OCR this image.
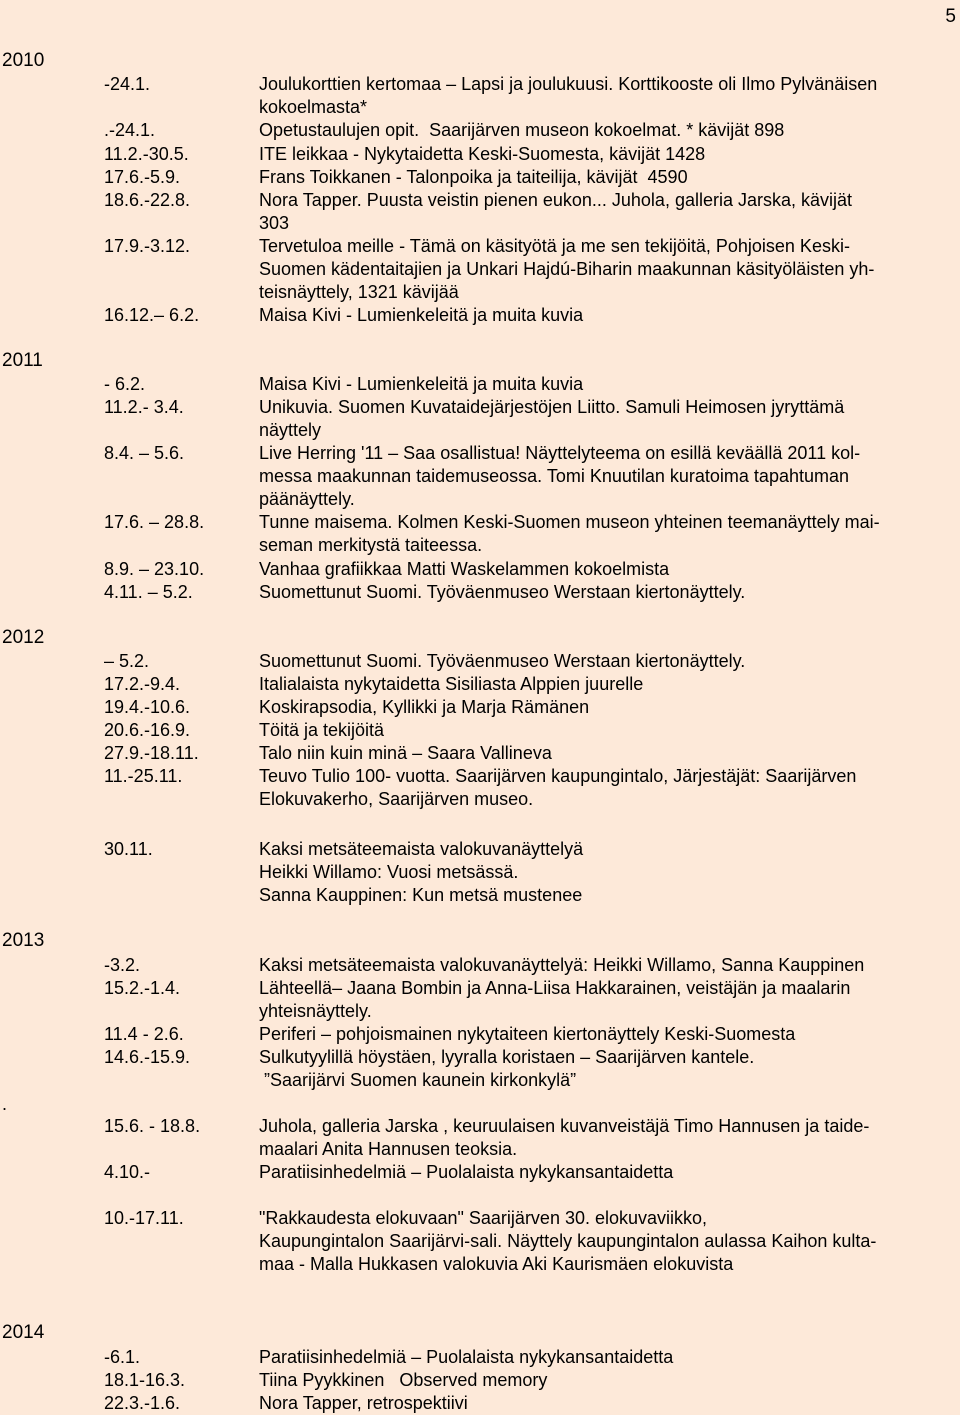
5
.
2010
-24.1.	Joulukorttien kertomaa – Lapsi ja joulukuusi. Korttikooste oli Ilmo Pylvänäisen
kokoelmasta*
.-24.1.	Opetustaulujen opit.  Saarijärven museon kokoelmat. * kävijät 898
11.2.-30.5.	ITE leikkaa - Nykytaidetta Keski-Suomesta, kävijät 1428
17.6.-5.9.	Frans Toikkanen - Talonpoika ja taiteilija, kävijät  4590
18.6.-22.8.	Nora Tapper. Puusta veistin pienen eukon... Juhola, galleria Jarska, kävijät
303
17.9.-3.12.	Tervetuloa meille - Tämä on käsityötä ja me sen tekijöitä, Pohjoisen Keski-
Suomen kädentaitajien ja Unkari Hajdú-Biharin maakunnan käsityöläisten yh-
teisnäyttely, 1321 kävijää
16.12.– 6.2.	Maisa Kivi - Lumienkeleitä ja muita kuvia
2011
- 6.2.	Maisa Kivi - Lumienkeleitä ja muita kuvia
11.2.- 3.4.	Unikuvia. Suomen Kuvataidejärjestöjen Liitto. Samuli Heimosen jyryttämä
näyttely
8.4. – 5.6.	Live Herring '11 – Saa osallistua! Näyttelyteema on esillä keväällä 2011 kol-
messa maakunnan taidemuseossa. Tomi Knuutilan kuratoima tapahtuman
päänäyttely.
17.6. – 28.8.	Tunne maisema. Kolmen Keski-Suomen museon yhteinen teemanäyttely mai-
seman merkitystä taiteessa.
8.9. – 23.10.	Vanhaa grafiikkaa Matti Waskelammen kokoelmista
4.11. – 5.2.	Suomettunut Suomi. Työväenmuseo Werstaan kiertonäyttely.
2012
– 5.2.	Suomettunut Suomi. Työväenmuseo Werstaan kiertonäyttely.
17.2.-9.4.	Italialaista nykytaidetta Sisiliasta Alppien juurelle
19.4.-10.6.	Koskirapsodia, Kyllikki ja Marja Rämänen
20.6.-16.9.	Töitä ja tekijöitä
27.9.-18.11.	Talo niin kuin minä – Saara Vallineva
11.-25.11.	Teuvo Tulio 100- vuotta. Saarijärven kaupungintalo, Järjestäjät: Saarijärven
Elokuvakerho, Saarijärven museo.
30.11.	Kaksi metsäteemaista valokuvanäyttelyä
Heikki Willamo: Vuosi metsässä.
Sanna Kauppinen: Kun metsä mustenee
2013
-3.2.	Kaksi metsäteemaista valokuvanäyttelyä: Heikki Willamo, Sanna Kauppinen
15.2.-1.4.	Lähteellä– Jaana Bombin ja Anna-Liisa Hakkarainen, veistäjän ja maalarin
yhteisnäyttely.
11.4 - 2.6.	Periferi – pohjoismainen nykytaiteen kiertonäyttely Keski-Suomesta
14.6.-15.9.	Sulkutyylillä höystäen, lyyralla koristaen – Saarijärven kantele.
”Saarijärvi Suomen kaunein kirkonkylä”
15.6. - 18.8.	Juhola, galleria Jarska , keuruulaisen kuvanveistäjä Timo Hannusen ja taide-
maalari Anita Hannusen teoksia.
4.10.-	Paratiisinhedelmiä – Puolalaista nykykansantaidetta
10.-17.11.	"Rakkaudesta elokuvaan" Saarijärven 30. elokuvaviikko,
Kaupungintalon Saarijärvi-sali. Näyttely kaupungintalon aulassa Kaihon kulta-
maa - Malla Hukkasen valokuvia Aki Kaurismäen elokuvista
2014
-6.1.	Paratiisinhedelmiä – Puolalaista nykykansantaidetta
18.1-16.3.	Tiina Pyykkinen   Observed memory
22.3.-1.6.	Nora Tapper, retrospektiivi
